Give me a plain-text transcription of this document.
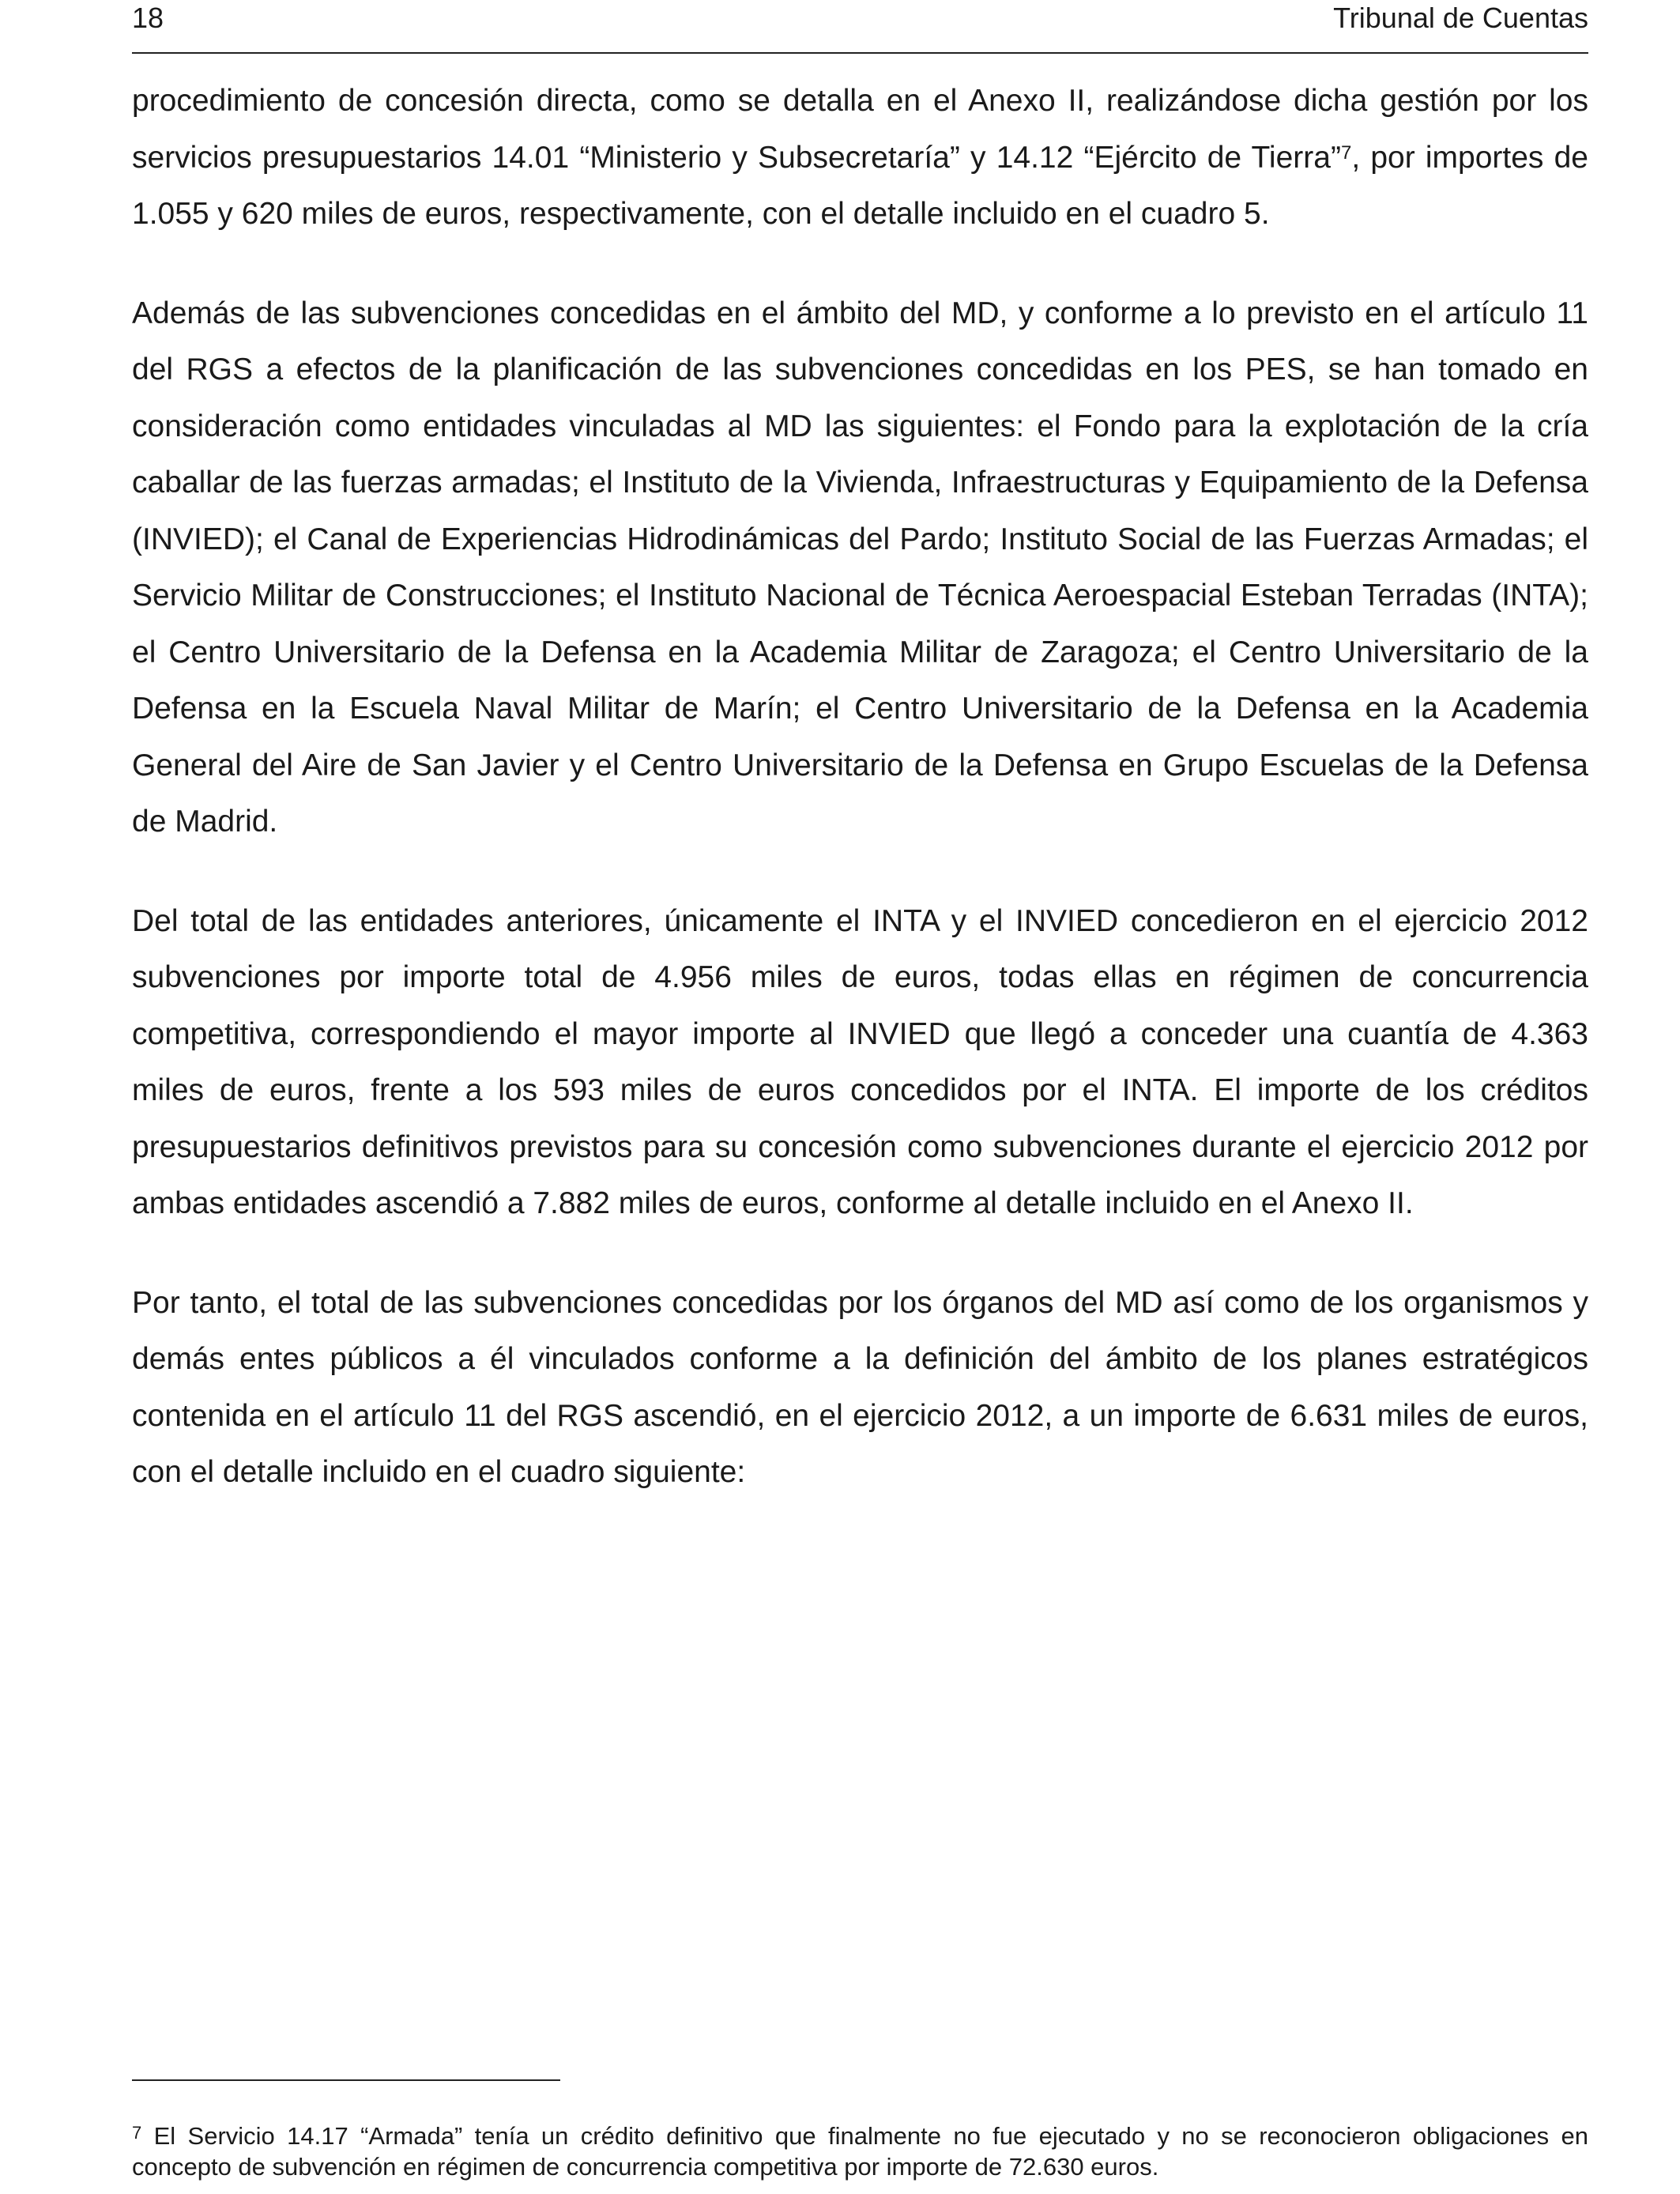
18	Tribunal de Cuentas

procedimiento de concesión directa, como se detalla en el Anexo II, realizándose dicha gestión por los servicios presupuestarios 14.01 “Ministerio y Subsecretaría” y 14.12 “Ejército de Tierra”$^7$, por importes de 1.055 y 620 miles de euros, respectivamente, con el detalle incluido en el cuadro 5.

Además de las subvenciones concedidas en el ámbito del MD, y conforme a lo previsto en el artículo 11 del RGS a efectos de la planificación de las subvenciones concedidas en los PES, se han tomado en consideración como entidades vinculadas al MD las siguientes: el Fondo para la explotación de la cría caballar de las fuerzas armadas; el Instituto de la Vivienda, Infraestructuras y Equipamiento de la Defensa (INVIED); el Canal de Experiencias Hidrodinámicas del Pardo; Instituto Social de las Fuerzas Armadas; el Servicio Militar de Construcciones; el Instituto Nacional de Técnica Aeroespacial Esteban Terradas (INTA); el Centro Universitario de la Defensa en la Academia Militar de Zaragoza; el Centro Universitario de la Defensa en la Escuela Naval Militar de Marín; el Centro Universitario de la Defensa en la Academia General del Aire de San Javier y el Centro Universitario de la Defensa en Grupo Escuelas de la Defensa de Madrid.

Del total de las entidades anteriores, únicamente el INTA y el INVIED concedieron en el ejercicio 2012 subvenciones por importe total de 4.956 miles de euros, todas ellas en régimen de concurrencia competitiva, correspondiendo el mayor importe al INVIED que llegó a conceder una cuantía de 4.363 miles de euros, frente a los 593 miles de euros concedidos por el INTA. El importe de los créditos presupuestarios definitivos previstos para su concesión como subvenciones durante el ejercicio 2012 por ambas entidades ascendió a 7.882 miles de euros, conforme al detalle incluido en el Anexo II.

Por tanto, el total de las subvenciones concedidas por los órganos del MD así como de los organismos y demás entes públicos a él vinculados conforme a la definición del ámbito de los planes estratégicos contenida en el artículo 11 del RGS ascendió, en el ejercicio 2012, a un importe de 6.631 miles de euros, con el detalle incluido en el cuadro siguiente:

$^7$ El Servicio 14.17 “Armada” tenía un crédito definitivo que finalmente no fue ejecutado y no se reconocieron obligaciones en concepto de subvención en régimen de concurrencia competitiva por importe de 72.630 euros.
